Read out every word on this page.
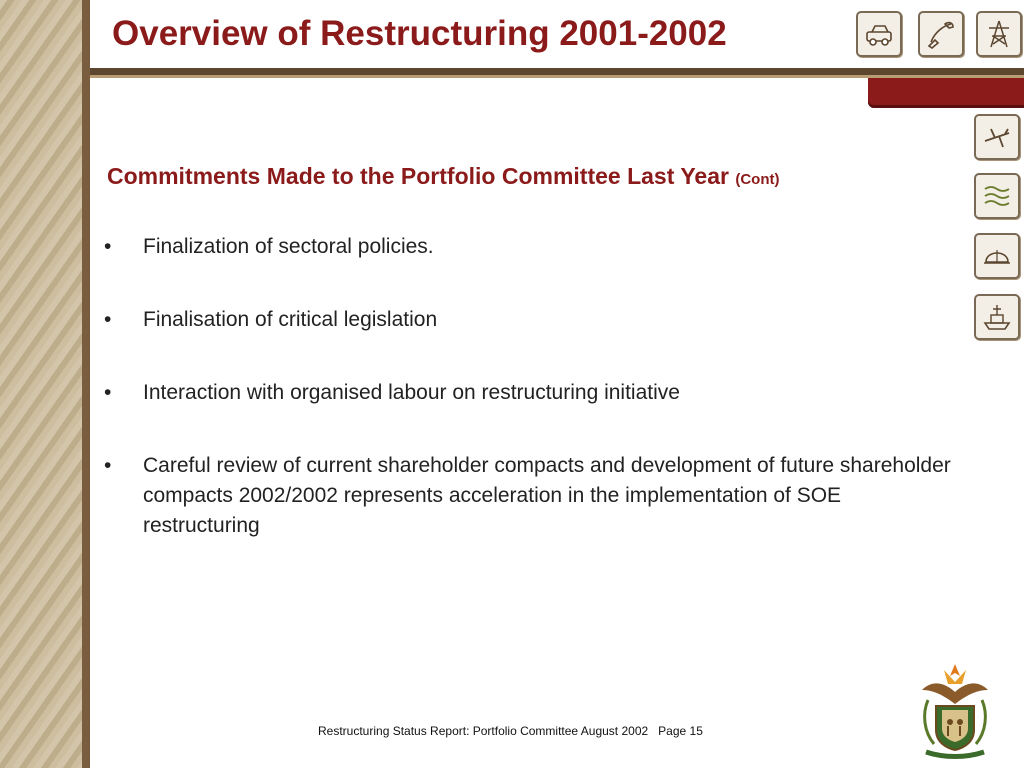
Overview of Restructuring 2001-2002
Commitments Made to the Portfolio Committee Last Year (Cont)
• Finalization of sectoral policies.
• Finalisation of critical legislation
• Interaction with organised labour on restructuring initiative
• Careful review of current shareholder compacts and development of future shareholder compacts 2002/2002 represents acceleration in the implementation of SOE restructuring
Restructuring Status Report: Portfolio Committee August 2002 Page 15
